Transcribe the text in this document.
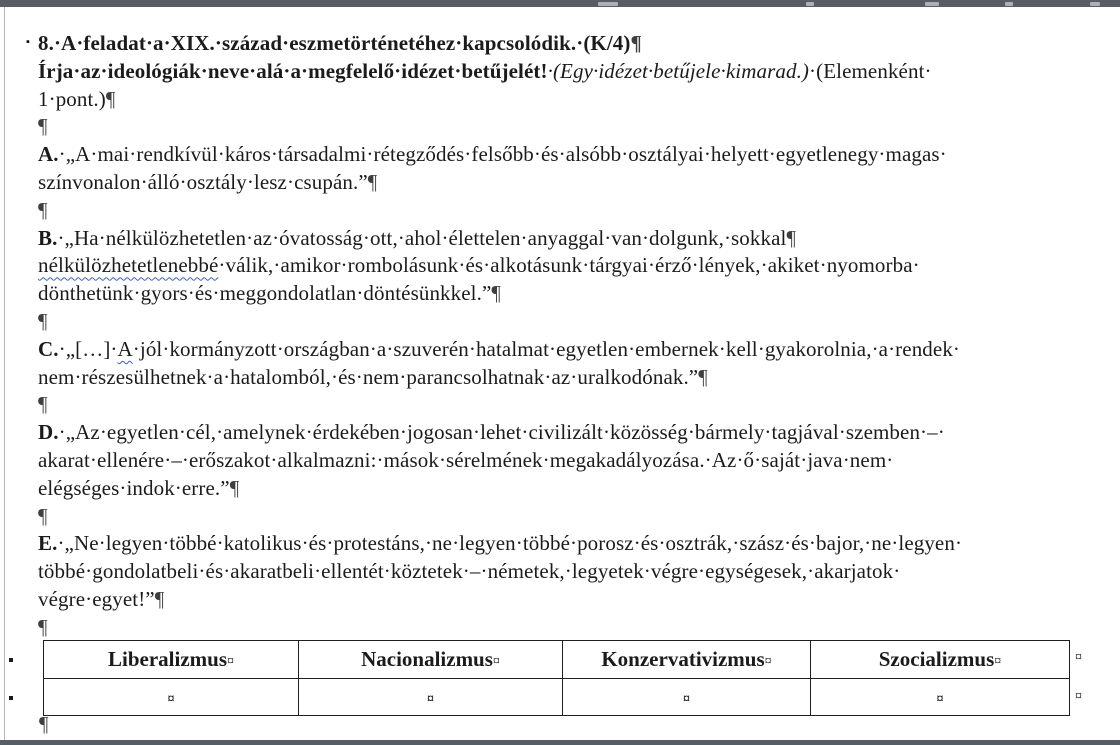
▪ 8.·A·feladat·a·XIX.·század·eszmetörténetéhez·kapcsolódik.·(K/4)¶
Írja·az·ideológiák·neve·alá·a·megfelelő·idézet·betűjelét!·(Egy·idézet·betűjele·kimarad.)·(Elemenként·
1·pont.)¶
¶
A.·„A·mai·rendkívül·káros·társadalmi·rétegződés·felsőbb·és·alsóbb·osztályai·helyett·egyetlenegy·magas·
színvonalon·álló·osztály·lesz·csupán.”¶
¶
B.·„Ha·nélkülözhetetlen·az·óvatosság·ott,·ahol·élettelen·anyaggal·van·dolgunk,·sokkal¶
nélkülözhetetlenebbé·válik,·amikor·rombolásunk·és·alkotásunk·tárgyai·érző·lények,·akiket·nyomorba·
dönthetünk·gyors·és·meggondolatlan·döntésünkkel.”¶
¶
C.·„[…]·A·jól·kormányzott·országban·a·szuverén·hatalmat·egyetlen·embernek·kell·gyakorolnia,·a·rendek·
nem·részesülhetnek·a·hatalomból,·és·nem·parancsolhatnak·az·uralkodónak.”¶
¶
D.·„Az·egyetlen·cél,·amelynek·érdekében·jogosan·lehet·civilizált·közösség·bármely·tagjával·szemben·–·
akarat·ellenére·–·erőszakot·alkalmazni:·mások·sérelmének·megakadályozása.·Az·ő·saját·java·nem·
elégséges·indok·erre.”¶
¶
E.·„Ne·legyen·többé·katolikus·és·protestáns,·ne·legyen·többé·porosz·és·osztrák,·szász·és·bajor,·ne·legyen·
többé·gondolatbeli·és·akaratbeli·ellentét·köztetek·–·németek,·legyetek·végre·egységesek,·akarjatok·
végre·egyet!”¶
¶
Liberalizmus¤	Nacionalizmus¤	Konzervativizmus¤	Szocializmus¤
¤	¤	¤	¤
¤
¤
¶
